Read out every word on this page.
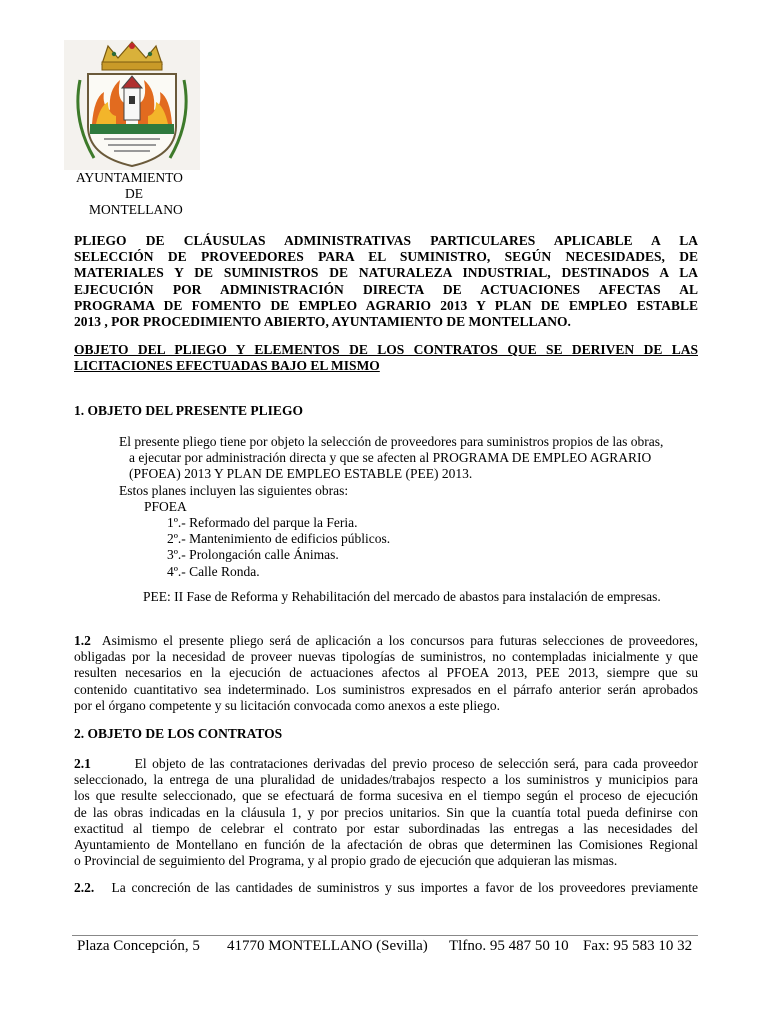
AYUNTAMIENTO
DE
MONTELLANO
PLIEGO DE CLÁUSULAS ADMINISTRATIVAS PARTICULARES APLICABLE A LA
SELECCIÓN DE PROVEEDORES PARA EL SUMINISTRO, SEGÚN NECESIDADES, DE
MATERIALES Y DE SUMINISTROS DE NATURALEZA INDUSTRIAL, DESTINADOS A LA
EJECUCIÓN POR ADMINISTRACIÓN DIRECTA DE ACTUACIONES AFECTAS AL
PROGRAMA DE FOMENTO DE EMPLEO AGRARIO 2013 Y PLAN DE EMPLEO ESTABLE
2013 , POR PROCEDIMIENTO ABIERTO, AYUNTAMIENTO DE MONTELLANO.
OBJETO DEL PLIEGO Y ELEMENTOS DE LOS CONTRATOS QUE SE DERIVEN DE LAS
LICITACIONES EFECTUADAS BAJO EL MISMO
1. OBJETO DEL PRESENTE PLIEGO
El presente pliego tiene por objeto la selección de proveedores para suministros propios de las obras,
a ejecutar por administración directa y que se afecten al PROGRAMA DE EMPLEO AGRARIO
(PFOEA) 2013 Y PLAN DE EMPLEO ESTABLE (PEE) 2013.
Estos planes incluyen las siguientes obras:
PFOEA
1º.- Reformado del parque la Feria.
2º.- Mantenimiento de edificios públicos.
3º.- Prolongación calle Ánimas.
4º.- Calle Ronda.
PEE: II Fase de Reforma y Rehabilitación del mercado de abastos para instalación de empresas.
1.2 Asimismo el presente pliego será de aplicación a los concursos para futuras selecciones de proveedores,
obligadas por la necesidad de proveer nuevas tipologías de suministros, no contempladas inicialmente y que
resulten necesarios en la ejecución de actuaciones afectos al PFOEA 2013, PEE 2013, siempre que su
contenido cuantitativo sea indeterminado. Los suministros expresados en el párrafo anterior serán aprobados
por el órgano competente y su licitación convocada como anexos a este pliego.
2. OBJETO DE LOS CONTRATOS
2.1	El objeto de las contrataciones derivadas del previo proceso de selección será, para cada proveedor
seleccionado, la entrega de una pluralidad de unidades/trabajos respecto a los suministros y municipios para
los que resulte seleccionado, que se efectuará de forma sucesiva en el tiempo según el proceso de ejecución
de las obras indicadas en la cláusula 1, y por precios unitarios. Sin que la cuantía total pueda definirse con
exactitud al tiempo de celebrar el contrato por estar subordinadas las entregas a las necesidades del
Ayuntamiento de Montellano en función de la afectación de obras que determinen las Comisiones Regional
o Provincial de seguimiento del Programa, y al propio grado de ejecución que adquieran las mismas.
2.2. La concreción de las cantidades de suministros y sus importes a favor de los proveedores previamente
Plaza Concepción, 5 41770 MONTELLANO (Sevilla) Tlfno. 95 487 50 10 Fax: 95 583 10 32
